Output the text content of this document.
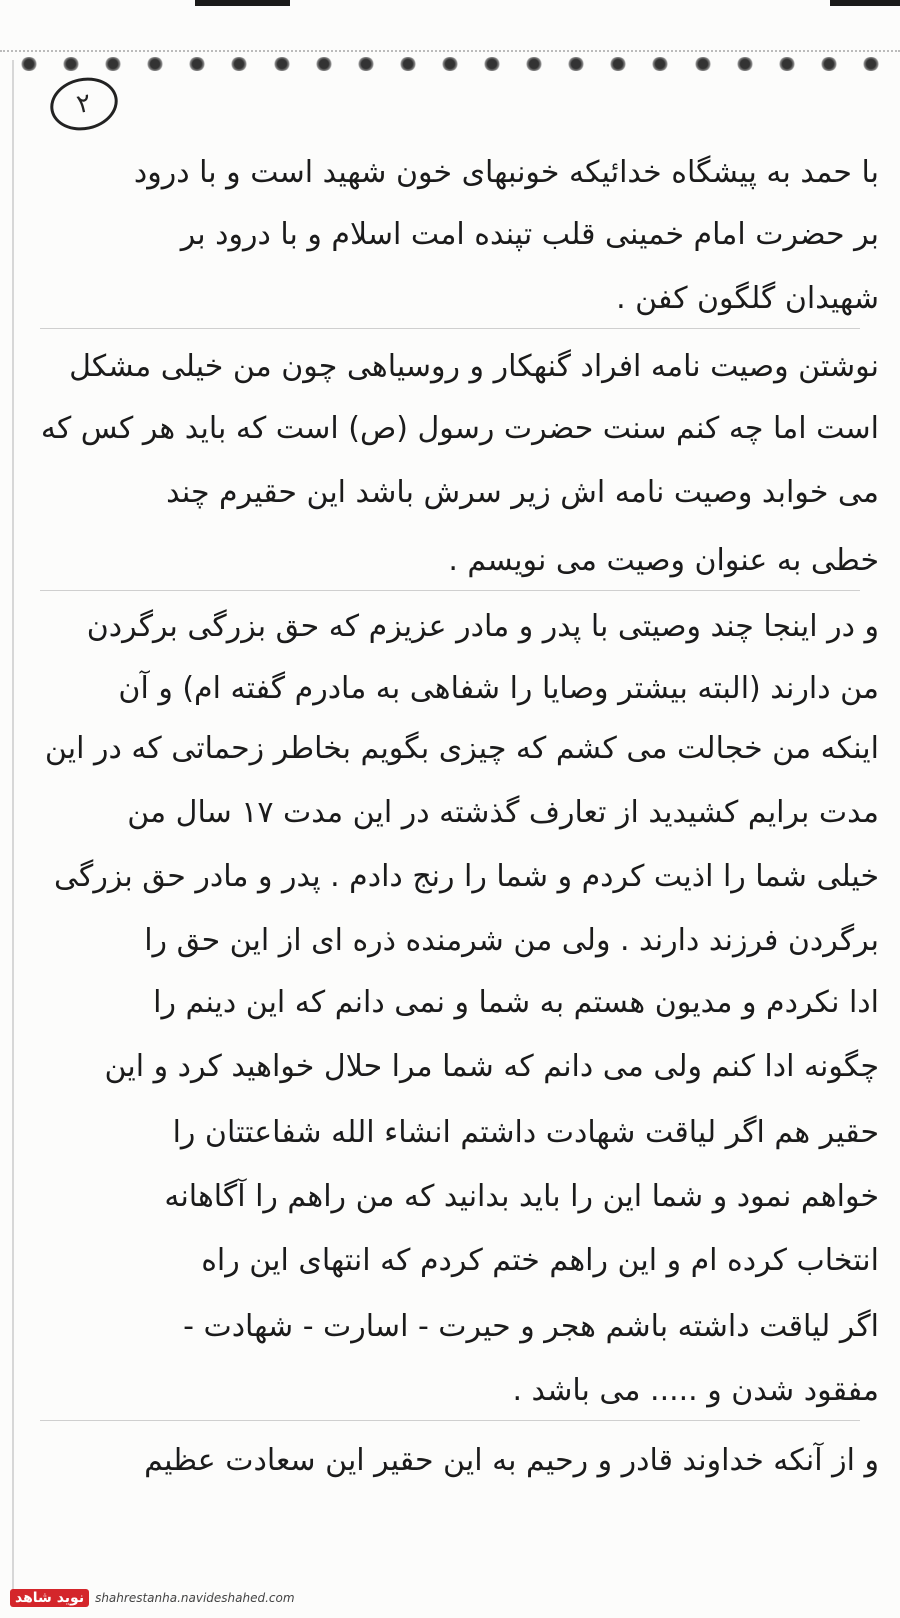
۲
با حمد به پیشگاه خدائیکه خونبهای خون شهید است و با درود
بر حضرت امام خمینی قلب تپنده امت اسلام و با درود بر
شهیدان گلگون کفن .
نوشتن وصیت نامه افراد گنهکار و روسیاهی چون من خیلی مشکل
است اما چه کنم سنت حضرت رسول (ص) است که باید هر کس که
می خوابد وصیت نامه اش زیر سرش باشد این حقیرم چند
خطی به عنوان وصیت می نویسم .
و در اینجا چند وصیتی با پدر و مادر عزیزم که حق بزرگی برگردن
من دارند (البته بیشتر وصایا را شفاهی به مادرم گفته ام) و آن
اینکه من خجالت می کشم که چیزی بگویم بخاطر زحماتی که در این
مدت برایم کشیدید از تعارف گذشته در این مدت ۱۷ سال من
خیلی شما را اذیت کردم و شما را رنج دادم . پدر و مادر حق بزرگی
برگردن فرزند دارند . ولی من شرمنده ذره ای از این حق را
ادا نکردم و مدیون هستم به شما و نمی دانم که این دینم را
چگونه ادا کنم ولی می دانم که شما مرا حلال خواهید کرد و این
حقیر هم اگر لیاقت شهادت داشتم انشاء الله شفاعتتان را
خواهم نمود و شما این را باید بدانید که من راهم را آگاهانه
انتخاب کرده ام و این راهم ختم کردم که انتهای این راه
اگر لیاقت داشته باشم هجر و حیرت - اسارت - شهادت -
مفقود شدن و ..... می باشد .
و از آنکه خداوند قادر و رحیم به این حقیر این سعادت عظیم
نوید شاهد shahrestanha.navideshahed.com
